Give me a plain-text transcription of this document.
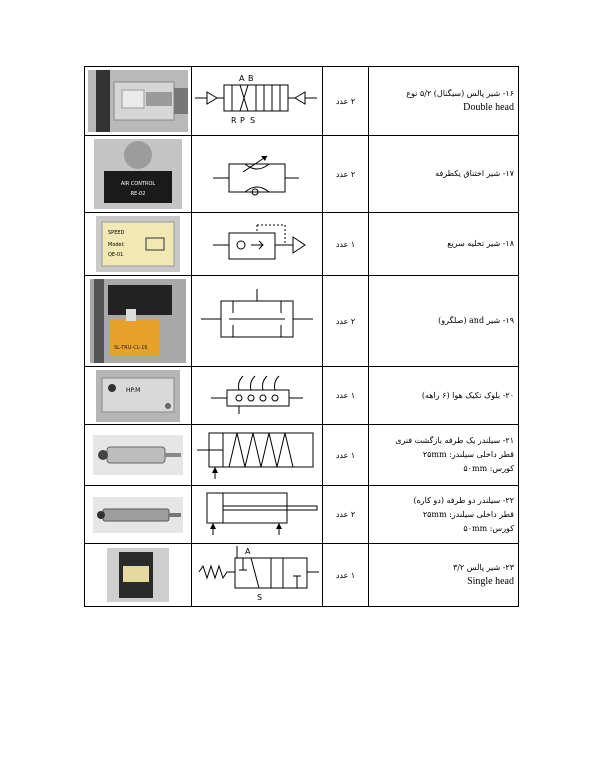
A B
R P S	۲ عدد	۱۶- شیر پالس (سیگنال) ۵/۲ نوع
Double head

AIR CONTROL
RE-02		۲ عدد	۱۷- شیر اختناق یکطرفه

SPEED
Model:
QE-01		۱ عدد	۱۸- شیر تخلیه سریع

SL-TRU-CL-16		۲ عدد	۱۹- شیر and (صلگرو)

HP.M		۱ عدد	۲۰- بلوک تکیک هوا (۶ راهه)

		۱ عدد	۲۱- سیلندر یک طرفه بازگشت فنری
قطر داخلی سیلندر: ۲۵mm
کورس: ۵۰mm

		۲ عدد	۲۲- سیلندر دو طرفه (دو کاره)
قطر داخلی سیلندر: ۲۵mm
کورس: ۵۰mm

A
S	۱ عدد	۲۳- شیر پالس ۳/۲
Single head
